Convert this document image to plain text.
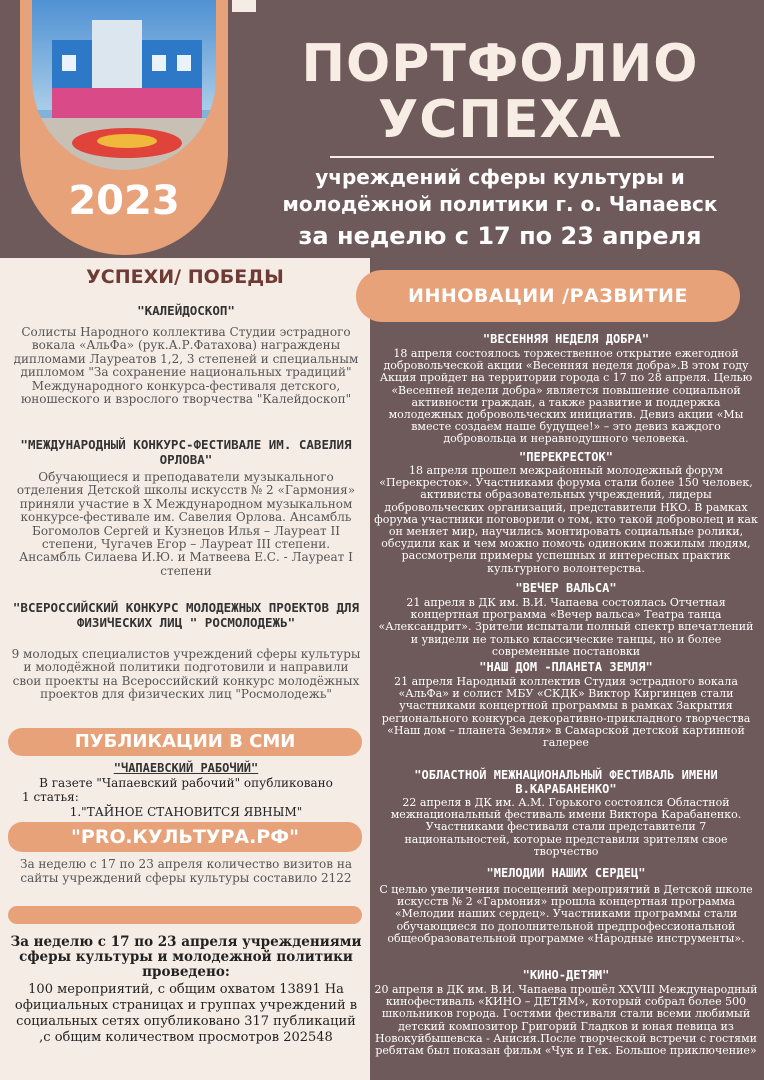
2023
ПОРТФОЛИО
УСПЕХА
учреждений сферы культуры и
молодёжной политики г. о. Чапаевск
за неделю с 17 по 23 апреля
УСПЕХИ/ ПОБЕДЫ
"КАЛЕЙДОСКОП"
Солисты Народного коллектива Студии эстрадного вокала «АльФа» (рук.А.Р.Фатахова) награждены дипломами Лауреатов 1,2, 3 степеней и специальным дипломом "За сохранение национальных традиций" Международного конкурса-фестиваля детского, юношеского и взрослого творчества "Калейдоскоп"
"МЕЖДУНАРОДНЫЙ КОНКУРС-ФЕСТИВАЛЕ ИМ. САВЕЛИЯ ОРЛОВА"
Обучающиеся и преподаватели музыкального отделения Детской школы искусств № 2 «Гармония» приняли участие в X Международном музыкальном конкурсе-фестивале им. Савелия Орлова. Ансамбль Богомолов Сергей и Кузнецов Илья – Лауреат II степени, Чугачев Егор – Лауреат III степени. Ансамбль Силаева И.Ю. и Матвеева Е.С. - Лауреат I степени
"ВСЕРОССИЙСКИЙ КОНКУРС МОЛОДЕЖНЫХ ПРОЕКТОВ ДЛЯ ФИЗИЧЕСКИХ ЛИЦ " РОСМОЛОДЕЖЬ"
9 молодых специалистов учреждений сферы культуры и молодёжной политики подготовили и направили свои проекты на Всероссийский конкурс молодёжных проектов для физических лиц "Росмолодежь"
ПУБЛИКАЦИИ В СМИ
"ЧАПАЕВСКИЙ РАБОЧИЙ"
В газете "Чапаевский рабочий" опубликовано
1 статья:
1."ТАЙНОЕ СТАНОВИТСЯ ЯВНЫМ"
"PRO.КУЛЬТУРА.РФ"
За неделю с 17 по 23 апреля количество визитов на сайты учреждений сферы культуры составило 2122
За неделю с 17 по 23 апреля учреждениями сферы культуры и молодежной политики проведено:
100 мероприятий, с общим охватом 13891 На официальных страницах и группах учреждений в социальных сетях опубликовано 317 публикаций ,с общим количеством просмотров 202548
ИННОВАЦИИ /РАЗВИТИЕ
"ВЕСЕННЯЯ НЕДЕЛЯ ДОБРА"
18 апреля состоялось торжественное открытие ежегодной добровольческой акции «Весенняя неделя добра».В этом году Акция пройдет на территории города с 17 по 28 апреля. Целью «Весенней недели добра» является повышение социальной активности граждан, а также развитие и поддержка молодежных добровольческих инициатив. Девиз акции «Мы вместе создаем наше будущее!» – это девиз каждого добровольца и неравнодушного человека.
"ПЕРЕКРЕСТОК"
18 апреля прошел межрайонный молодежный форум «Перекресток». Участниками форума стали более 150 человек, активисты образовательных учреждений, лидеры добровольческих организаций, представители НКО. В рамках форума участники поговорили о том, кто такой доброволец и как он меняет мир, научились монтировать социальные ролики, обсудили как и чем можно помочь одиноким пожилым людям, рассмотрели примеры успешных и интересных практик культурного волонтерства.
"ВЕЧЕР ВАЛЬСА"
21 апреля в ДК им. В.И. Чапаева состоялась Отчетная концертная программа «Вечер вальса» Театра танца «Александрит». Зрители испытали полный спектр впечатлений и увидели не только классические танцы, но и более современные постановки
"НАШ ДОМ -ПЛАНЕТА ЗЕМЛЯ"
21 апреля Народный коллектив Студия эстрадного вокала «АльФа» и солист МБУ «СКДК» Виктор Киргинцев стали участниками концертной программы в рамках Закрытия регионального конкурса декоративно-прикладного творчества «Наш дом – планета Земля» в Самарской детской картинной галерее
"ОБЛАСТНОЙ МЕЖНАЦИОНАЛЬНЫЙ ФЕСТИВАЛЬ ИМЕНИ В.КАРАБАНЕНКО"
22 апреля в ДК им. А.М. Горького состоялся Областной межнациональный фестиваль имени Виктора Карабаненко. Участниками фестиваля стали представители 7 национальностей, которые представили зрителям свое творчество
"МЕЛОДИИ НАШИХ СЕРДЕЦ"
С целью увеличения посещений мероприятий в Детской школе искусств № 2 «Гармония» прошла концертная программа «Мелодии наших сердец». Участниками программы стали обучающиеся по дополнительной предпрофессиональной общеобразовательной программе «Народные инструменты».
"КИНО-ДЕТЯМ"
20 апреля в ДК им. В.И. Чапаева прошёл XXVIII Международный кинофестиваль «КИНО – ДЕТЯМ», который собрал более 500 школьников города. Гостями фестиваля стали всеми любимый детский композитор Григорий Гладков и юная певица из Новокуйбышевска - Анисия.После творческой встречи с гостями ребятам был показан фильм «Чук и Гек. Большое приключение»
